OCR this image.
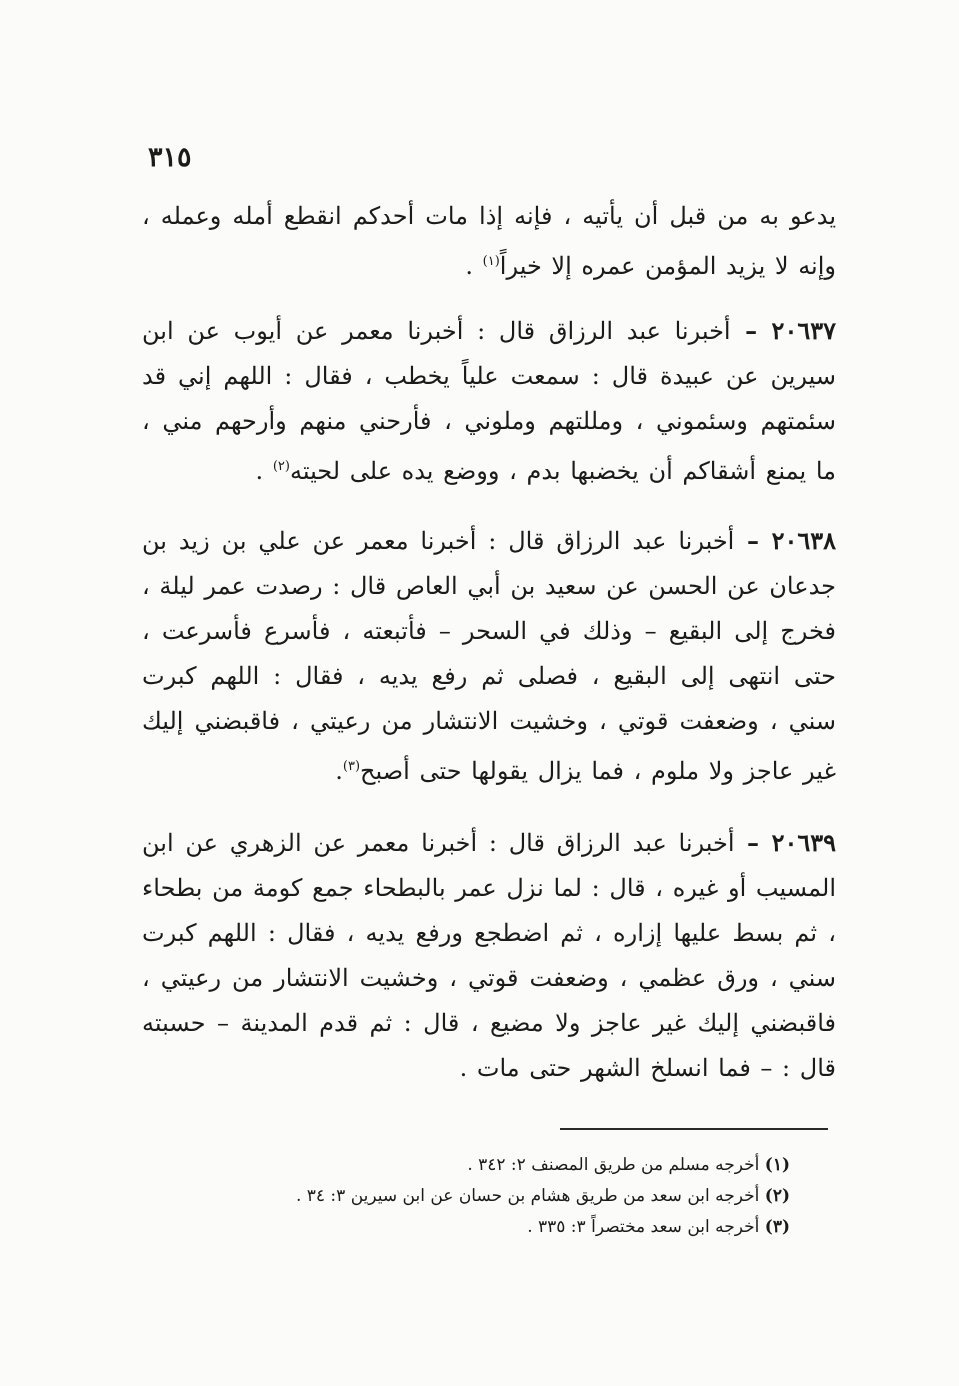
٣١٥
يدعو به من قبل أن يأتيه ، فإنه إذا مات أحدكم انقطع أمله وعمله ، وإنه لا يزيد المؤمن عمره إلا خيراً$^{(١)}$ .
٢٠٦٣٧ – أخبرنا عبد الرزاق قال : أخبرنا معمر عن أيوب عن ابن سيرين عن عبيدة قال : سمعت علياً يخطب ، فقال : اللهم إني قد سئمتهم وسئموني ، ومللتهم وملوني ، فأرحني منهم وأرحهم مني ، ما يمنع أشقاكم أن يخضبها بدم ، ووضع يده على لحيته$^{(٢)}$ .
٢٠٦٣٨ – أخبرنا عبد الرزاق قال : أخبرنا معمر عن علي بن زيد بن جدعان عن الحسن عن سعيد بن أبي العاص قال : رصدت عمر ليلة ، فخرج إلى البقيع – وذلك في السحر – فأتبعته ، فأسرع فأسرعت ، حتى انتهى إلى البقيع ، فصلى ثم رفع يديه ، فقال : اللهم كبرت سني ، وضعفت قوتي ، وخشيت الانتشار من رعيتي ، فاقبضني إليك غير عاجز ولا ملوم ، فما يزال يقولها حتى أصبح$^{(٣)}$.
٢٠٦٣٩ – أخبرنا عبد الرزاق قال : أخبرنا معمر عن الزهري عن ابن المسيب أو غيره ، قال : لما نزل عمر بالبطحاء جمع كومة من بطحاء ، ثم بسط عليها إزاره ، ثم اضطجع ورفع يديه ، فقال : اللهم كبرت سني ، ورق عظمي ، وضعفت قوتي ، وخشيت الانتشار من رعيتي ، فاقبضني إليك غير عاجز ولا مضيع ، قال : ثم قدم المدينة – حسبته قال : – فما انسلخ الشهر حتى مات .
(١) أخرجه مسلم من طريق المصنف ٢: ٣٤٢ .
(٢) أخرجه ابن سعد من طريق هشام بن حسان عن ابن سيرين ٣: ٣٤ .
(٣) أخرجه ابن سعد مختصراً ٣: ٣٣٥ .
